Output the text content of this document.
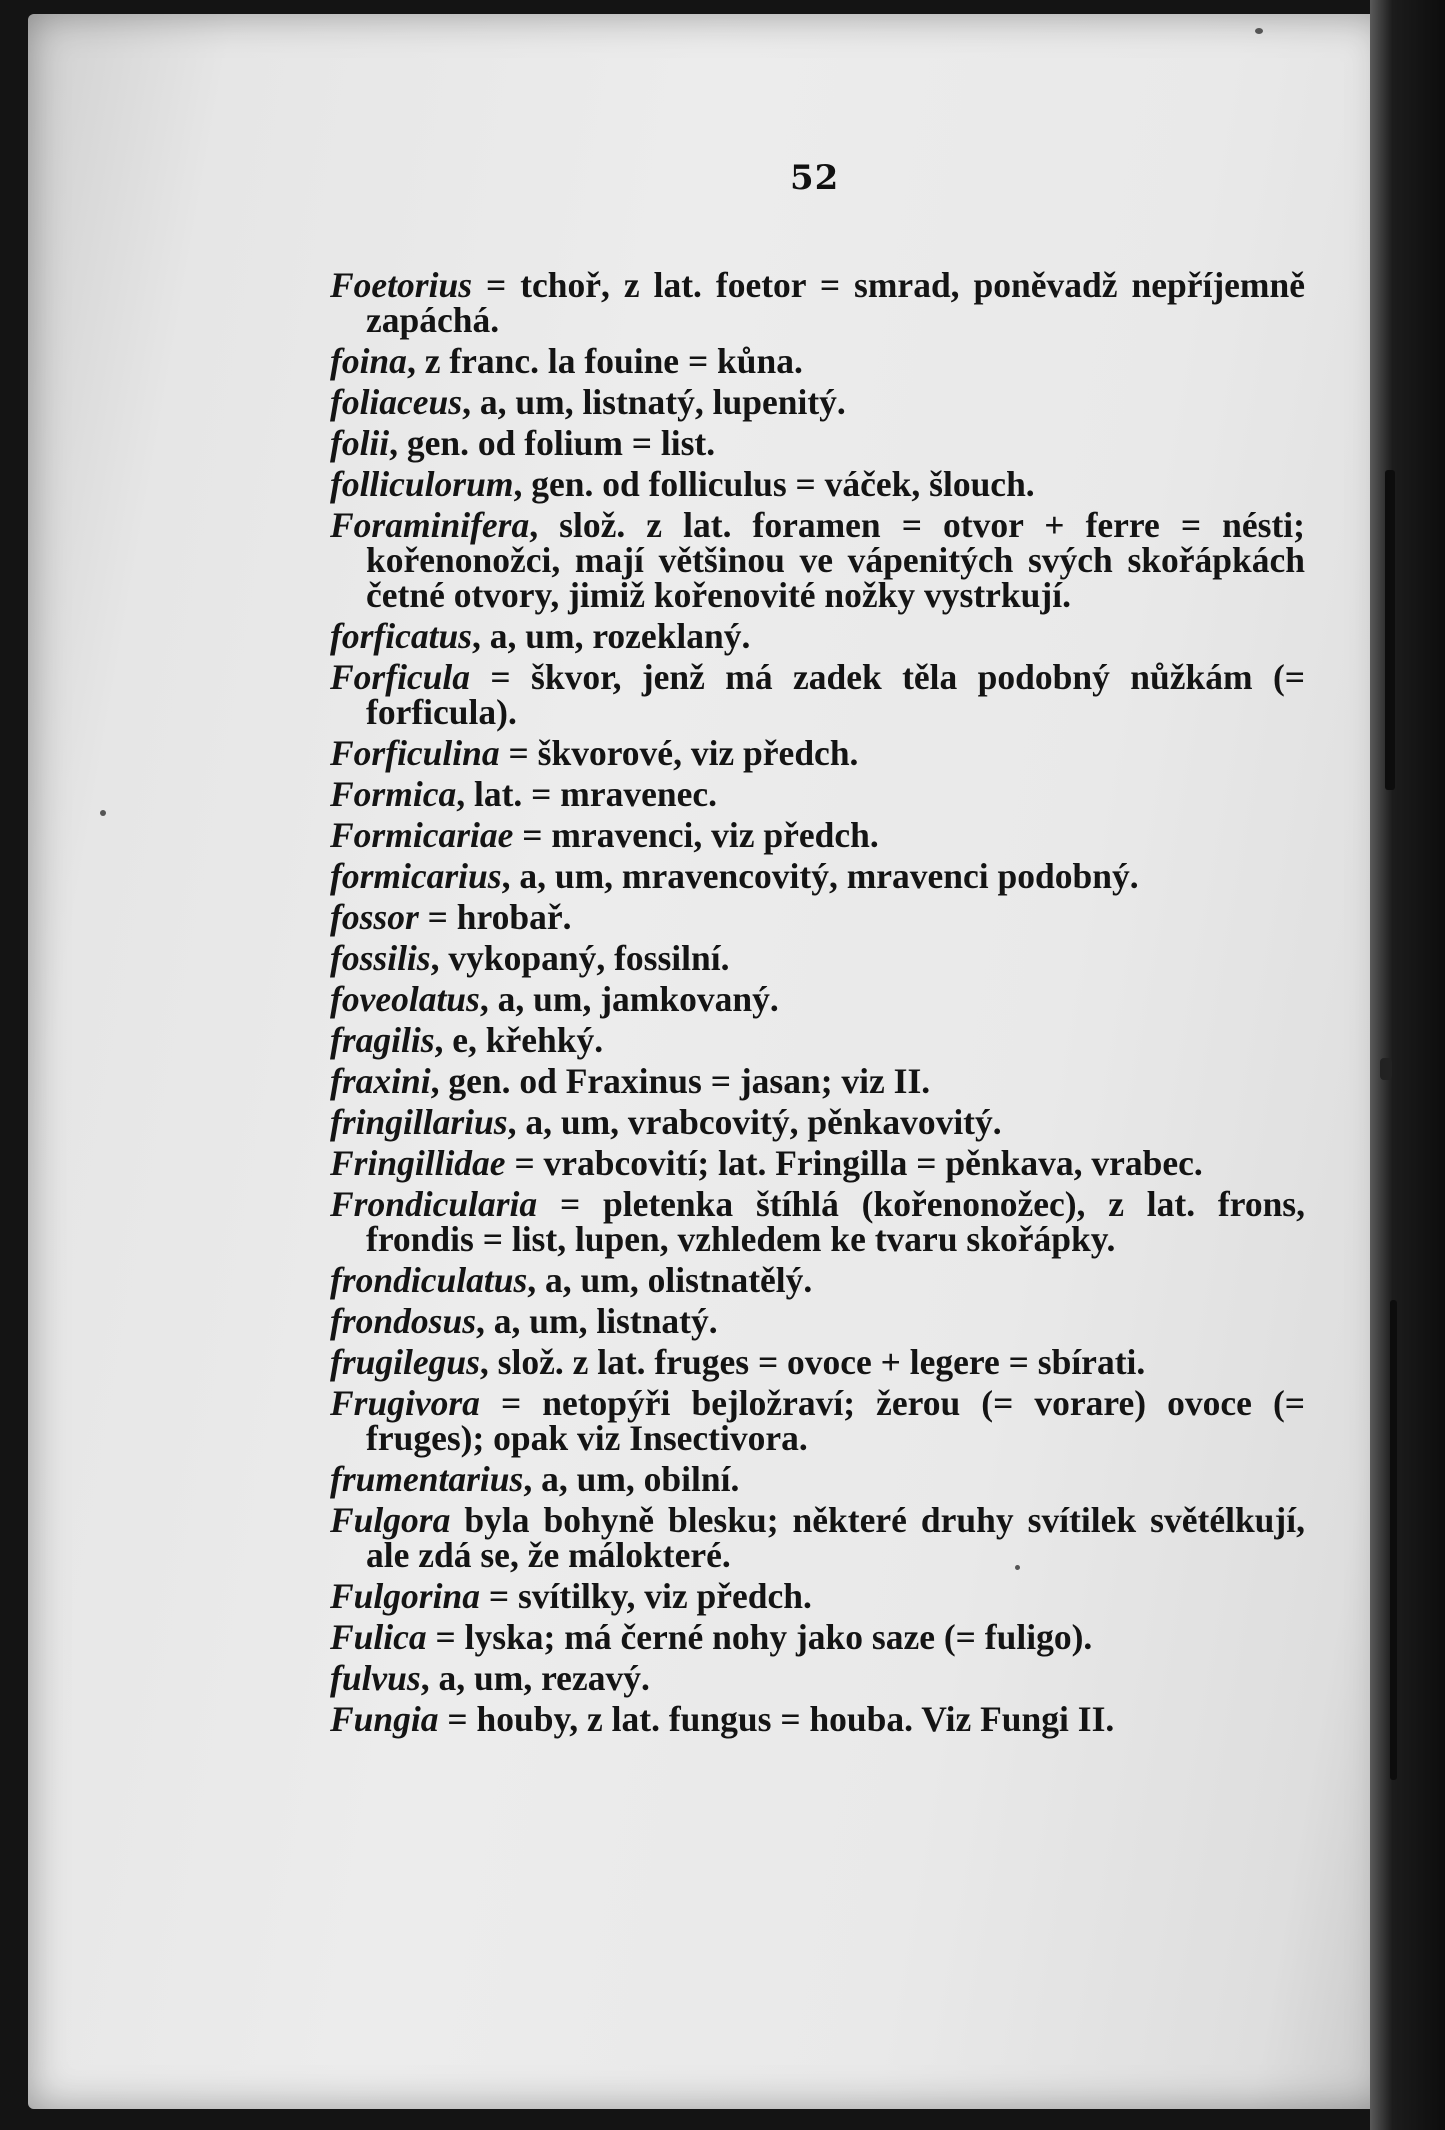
52
Foetorius = tchoř, z lat. foetor = smrad, poněvadž nepříjemně zapáchá.
foina, z franc. la fouine = kůna.
foliaceus, a, um, listnatý, lupenitý.
folii, gen. od folium = list.
folliculorum, gen. od folliculus = váček, šlouch.
Foraminifera, slož. z lat. foramen = otvor + ferre = nésti; kořenonožci, mají většinou ve vápenitých svých skořápkách četné otvory, jimiž kořenovité nožky vystrkují.
forficatus, a, um, rozeklaný.
Forficula = škvor, jenž má zadek těla podobný nůžkám (= forficula).
Forficulina = škvorové, viz předch.
Formica, lat. = mravenec.
Formicariae = mravenci, viz předch.
formicarius, a, um, mravencovitý, mravenci podobný.
fossor = hrobař.
fossilis, vykopaný, fossilní.
foveolatus, a, um, jamkovaný.
fragilis, e, křehký.
fraxini, gen. od Fraxinus = jasan; viz II.
fringillarius, a, um, vrabcovitý, pěnkavovitý.
Fringillidae = vrabcovití; lat. Fringilla = pěnkava, vrabec.
Frondicularia = pletenka štíhlá (kořenonožec), z lat. frons, frondis = list, lupen, vzhledem ke tvaru skořápky.
frondiculatus, a, um, olistnatělý.
frondosus, a, um, listnatý.
frugilegus, slož. z lat. fruges = ovoce + legere = sbírati.
Frugivora = netopýři bejložraví; žerou (= vorare) ovoce (= fruges); opak viz Insectivora.
frumentarius, a, um, obilní.
Fulgora byla bohyně blesku; některé druhy svítilek světélkují, ale zdá se, že málokteré.
Fulgorina = svítilky, viz předch.
Fulica = lyska; má černé nohy jako saze (= fuligo).
fulvus, a, um, rezavý.
Fungia = houby, z lat. fungus = houba. Viz Fungi II.
